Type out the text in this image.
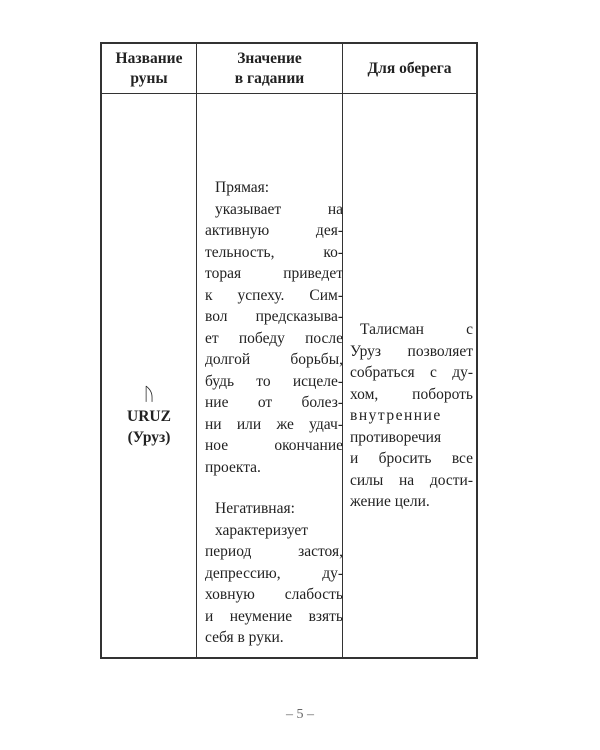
Название
руны
Значение
в гадании
Для оберега
ᚢ
URUZ
(Уруз)
Прямая:
указывает на
активную дея-
тельность, ко-
торая приведет
к успеху. Сим-
вол предсказыва-
ет победу после
долгой борьбы,
будь то исцеле-
ние от болез-
ни или же удач-
ное окончание
проекта.
Негативная:
характеризует
период застоя,
депрессию, ду-
ховную слабость
и неумение взять
себя в руки.
Талисман с
Уруз позволяет
собраться с ду-
хом, побороть
внутренние
противоречия
и бросить все
силы на дости-
жение цели.
– 5 –
